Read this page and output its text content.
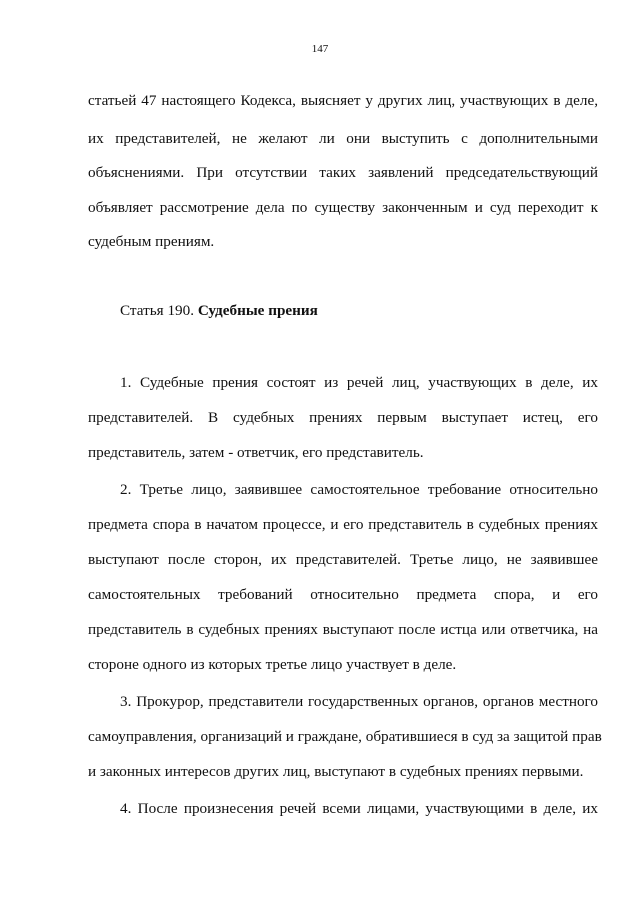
147
статьей 47 настоящего Кодекса, выясняет у других лиц, участвующих в деле,
их представителей, не желают ли они выступить с дополнительными
объяснениями. При отсутствии таких заявлений председательствующий
объявляет рассмотрение дела по существу законченным и суд переходит к
судебным прениям.
Статья 190. Судебные прения
1. Судебные прения состоят из речей лиц, участвующих в деле, их
представителей. В судебных прениях первым выступает истец, его
представитель, затем - ответчик, его представитель.
2. Третье лицо, заявившее самостоятельное требование относительно
предмета спора в начатом процессе, и его представитель в судебных прениях
выступают после сторон, их представителей. Третье лицо, не заявившее
самостоятельных требований относительно предмета спора, и его
представитель в судебных прениях выступают после истца или ответчика, на
стороне одного из которых третье лицо участвует в деле.
3. Прокурор, представители государственных органов, органов местного
самоуправления, организаций и граждане, обратившиеся в суд за защитой прав
и законных интересов других лиц, выступают в судебных прениях первыми.
4. После произнесения речей всеми лицами, участвующими в деле, их
